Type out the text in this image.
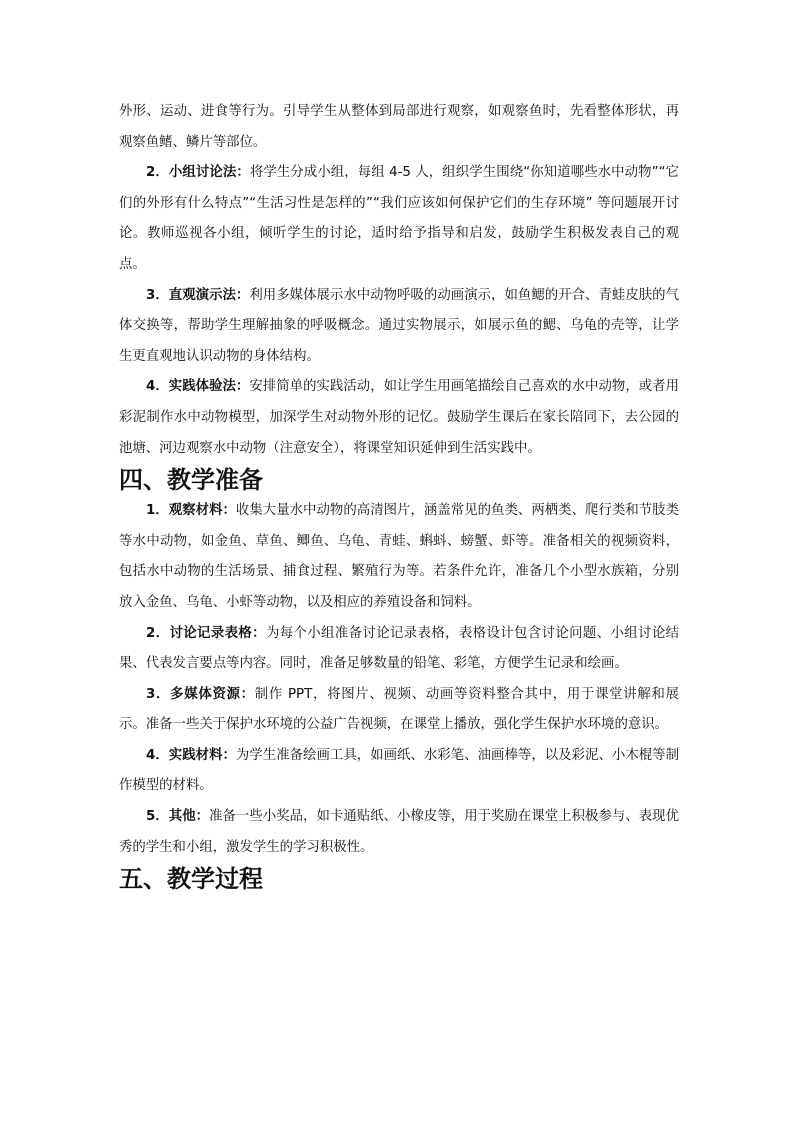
外形、运动、进食等行为。引导学生从整体到局部进行观察，如观察鱼时，先看整体形状，再观察鱼鳍、鳞片等部位。

2．小组讨论法：将学生分成小组，每组 4-5 人，组织学生围绕“你知道哪些水中动物”“它们的外形有什么特点”“生活习性是怎样的”“我们应该如何保护它们的生存环境” 等问题展开讨论。教师巡视各小组，倾听学生的讨论，适时给予指导和启发，鼓励学生积极发表自己的观点。

3．直观演示法：利用多媒体展示水中动物呼吸的动画演示，如鱼鳃的开合、青蛙皮肤的气体交换等，帮助学生理解抽象的呼吸概念。通过实物展示，如展示鱼的鳃、乌龟的壳等，让学生更直观地认识动物的身体结构。

4．实践体验法：安排简单的实践活动，如让学生用画笔描绘自己喜欢的水中动物，或者用彩泥制作水中动物模型，加深学生对动物外形的记忆。鼓励学生课后在家长陪同下，去公园的池塘、河边观察水中动物（注意安全），将课堂知识延伸到生活实践中。

四、教学准备

1．观察材料：收集大量水中动物的高清图片，涵盖常见的鱼类、两栖类、爬行类和节肢类等水中动物，如金鱼、草鱼、鲫鱼、乌龟、青蛙、蝌蚪、螃蟹、虾等。准备相关的视频资料，包括水中动物的生活场景、捕食过程、繁殖行为等。若条件允许，准备几个小型水族箱，分别放入金鱼、乌龟、小虾等动物，以及相应的养殖设备和饲料。

2．讨论记录表格：为每个小组准备讨论记录表格，表格设计包含讨论问题、小组讨论结果、代表发言要点等内容。同时，准备足够数量的铅笔、彩笔，方便学生记录和绘画。

3．多媒体资源：制作 PPT，将图片、视频、动画等资料整合其中，用于课堂讲解和展示。准备一些关于保护水环境的公益广告视频，在课堂上播放，强化学生保护水环境的意识。

4．实践材料：为学生准备绘画工具，如画纸、水彩笔、油画棒等，以及彩泥、小木棍等制作模型的材料。

5．其他：准备一些小奖品，如卡通贴纸、小橡皮等，用于奖励在课堂上积极参与、表现优秀的学生和小组，激发学生的学习积极性。

五、教学过程
